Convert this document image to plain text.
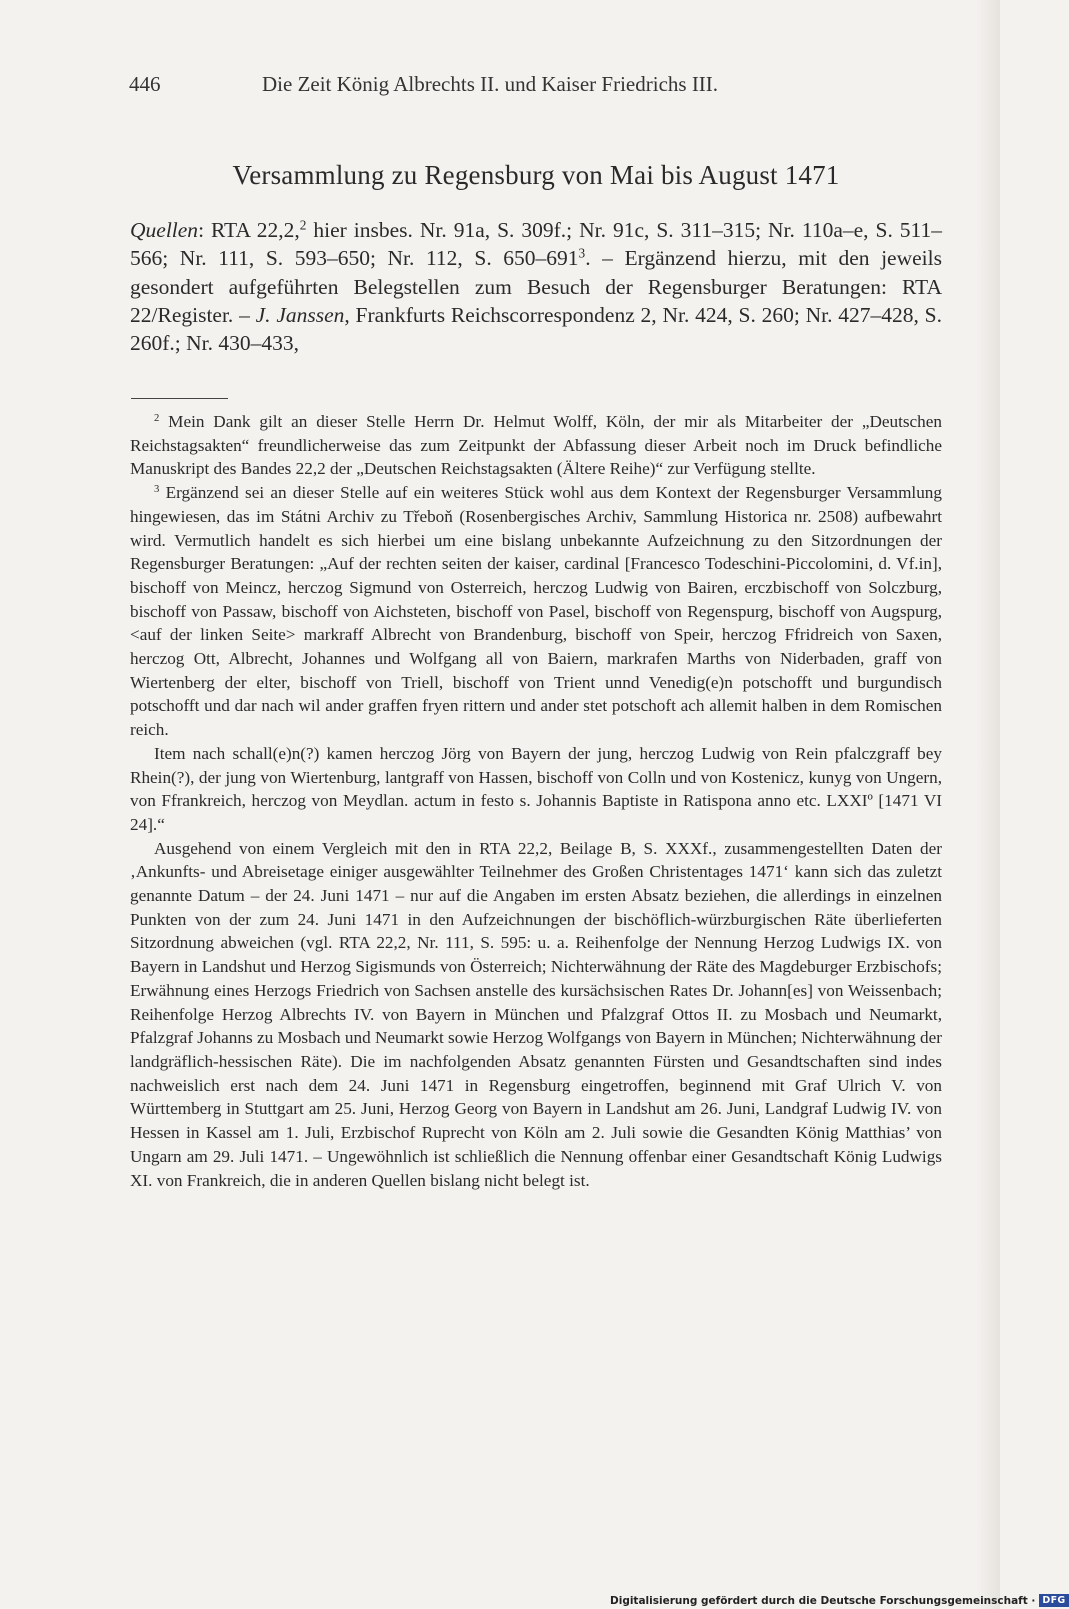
446	Die Zeit König Albrechts II. und Kaiser Friedrichs III.
Versammlung zu Regensburg von Mai bis August 1471
Quellen: RTA 22,2,$^2$ hier insbes. Nr. 91a, S. 309f.; Nr. 91c, S. 311–315; Nr. 110a–e, S. 511–566; Nr. 111, S. 593–650; Nr. 112, S. $650-691^3$. – Ergänzend hierzu, mit den jeweils gesondert aufgeführten Belegstellen zum Besuch der Regensburger Beratungen: RTA 22/Register. – J. Janssen, Frankfurts Reichscorrespondenz 2, Nr. 424, S. 260; Nr. 427–428, S. 260f.; Nr. 430–433,

$^2$ Mein Dank gilt an dieser Stelle Herrn Dr. Helmut Wolff, Köln, der mir als Mitarbeiter der „Deutschen Reichstagsakten“ freundlicherweise das zum Zeitpunkt der Abfassung dieser Arbeit noch im Druck befindliche Manuskript des Bandes 22,2 der „Deutschen Reichstagsakten (Ältere Reihe)“ zur Verfügung stellte.

$^3$ Ergänzend sei an dieser Stelle auf ein weiteres Stück wohl aus dem Kontext der Regensburger Versammlung hingewiesen, das im Státni Archiv zu Třeboň (Rosenbergisches Archiv, Sammlung Historica nr. 2508) aufbewahrt wird. Vermutlich handelt es sich hierbei um eine bislang unbekannte Aufzeichnung zu den Sitzordnungen der Regensburger Beratungen: „Auf der rechten seiten der kaiser, cardinal [Francesco Todeschini-Piccolomini, d. Vf.in], bischoff von Meincz, herczog Sigmund von Osterreich, herczog Ludwig von Bairen, erczbischoff von Solczburg, bischoff von Passaw, bischoff von Aichsteten, bischoff von Pasel, bischoff von Regenspurg, bischoff von Augspurg, <auf der linken Seite> markraff Albrecht von Brandenburg, bischoff von Speir, herczog Ffridreich von Saxen, herczog Ott, Albrecht, Johannes und Wolfgang all von Baiern, markrafen Marths von Niderbaden, graff von Wiertenberg der elter, bischoff von Triell, bischoff von Trient unnd Venedig(e)n potschofft und burgundisch potschofft und dar nach wil ander graffen fryen rittern und ander stet potschoft ach allemit halben in dem Romischen reich.

Item nach schall(e)n(?) kamen herczog Jörg von Bayern der jung, herczog Ludwig von Rein pfalczgraff bey Rhein(?), der jung von Wiertenburg, lantgraff von Hassen, bischoff von Colln und von Kostenicz, kunyg von Ungern, von Ffrankreich, herczog von Meydlan. actum in festo s. Johannis Baptiste in Ratispona anno etc. LXXIº [1471 VI 24].“

Ausgehend von einem Vergleich mit den in RTA 22,2, Beilage B, S. XXXf., zusammengestellten Daten der ‚Ankunfts- und Abreisetage einiger ausgewählter Teilnehmer des Großen Christentages 1471‘ kann sich das zuletzt genannte Datum – der 24. Juni 1471 – nur auf die Angaben im ersten Absatz beziehen, die allerdings in einzelnen Punkten von der zum 24. Juni 1471 in den Aufzeichnungen der bischöflich-würzburgischen Räte überlieferten Sitzordnung abweichen (vgl. RTA 22,2, Nr. 111, S. 595: u. a. Reihenfolge der Nennung Herzog Ludwigs IX. von Bayern in Landshut und Herzog Sigismunds von Österreich; Nichterwähnung der Räte des Magdeburger Erzbischofs; Erwähnung eines Herzogs Friedrich von Sachsen anstelle des kursächsischen Rates Dr. Johann[es] von Weissenbach; Reihenfolge Herzog Albrechts IV. von Bayern in München und Pfalzgraf Ottos II. zu Mosbach und Neumarkt, Pfalzgraf Johanns zu Mosbach und Neumarkt sowie Herzog Wolfgangs von Bayern in München; Nichterwähnung der landgräflich-hessischen Räte). Die im nachfolgenden Absatz genannten Fürsten und Gesandtschaften sind indes nachweislich erst nach dem 24. Juni 1471 in Regensburg eingetroffen, beginnend mit Graf Ulrich V. von Württemberg in Stuttgart am 25. Juni, Herzog Georg von Bayern in Landshut am 26. Juni, Landgraf Ludwig IV. von Hessen in Kassel am 1. Juli, Erzbischof Ruprecht von Köln am 2. Juli sowie die Gesandten König Matthias’ von Ungarn am 29. Juli 1471. – Ungewöhnlich ist schließlich die Nennung offenbar einer Gesandtschaft König Ludwigs XI. von Frankreich, die in anderen Quellen bislang nicht belegt ist.

Digitalisierung gefördert durch die Deutsche Forschungsgemeinschaft · DFG
